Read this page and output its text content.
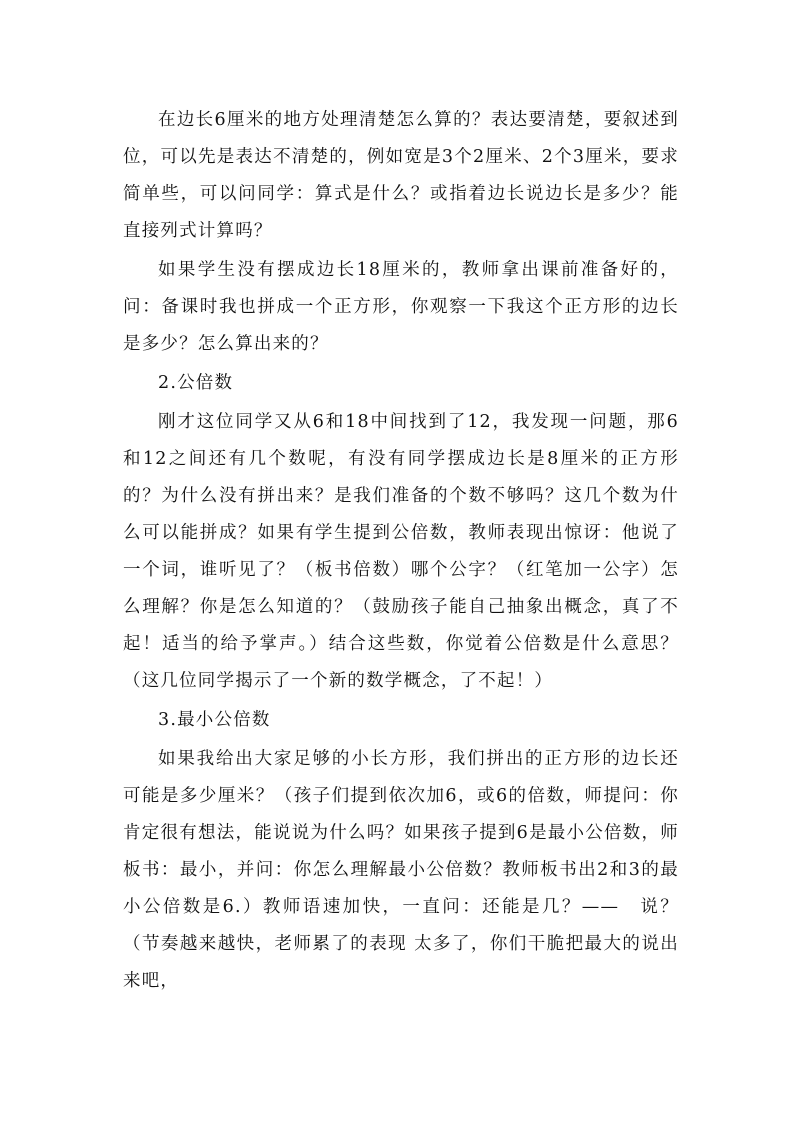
在边长6厘米的地方处理清楚怎么算的？表达要清楚，要叙述到位，可以先是表达不清楚的，例如宽是3个2厘米、2个3厘米，要求简单些，可以问同学：算式是什么？或指着边长说边长是多少？能直接列式计算吗？

如果学生没有摆成边长18厘米的，教师拿出课前准备好的，问：备课时我也拼成一个正方形，你观察一下我这个正方形的边长是多少？怎么算出来的？

2.公倍数

刚才这位同学又从6和18中间找到了12，我发现一问题，那6和12之间还有几个数呢，有没有同学摆成边长是8厘米的正方形的？为什么没有拼出来？是我们准备的个数不够吗？这几个数为什么可以能拼成？如果有学生提到公倍数，教师表现出惊讶：他说了一个词，谁听见了？（板书倍数）哪个公字？（红笔加一公字）怎么理解？你是怎么知道的？（鼓励孩子能自己抽象出概念，真了不起！适当的给予掌声。）结合这些数，你觉着公倍数是什么意思？（这几位同学揭示了一个新的数学概念，了不起！）

3.最小公倍数

如果我给出大家足够的小长方形，我们拼出的正方形的边长还可能是多少厘米？（孩子们提到依次加6，或6的倍数，师提问：你肯定很有想法，能说说为什么吗？如果孩子提到6是最小公倍数，师板书：最小，并问：你怎么理解最小公倍数？教师板书出2和3的最小公倍数是6.）教师语速加快，一直问：还能是几？——　说？（节奏越来越快，老师累了的表现 太多了，你们干脆把最大的说出来吧，
